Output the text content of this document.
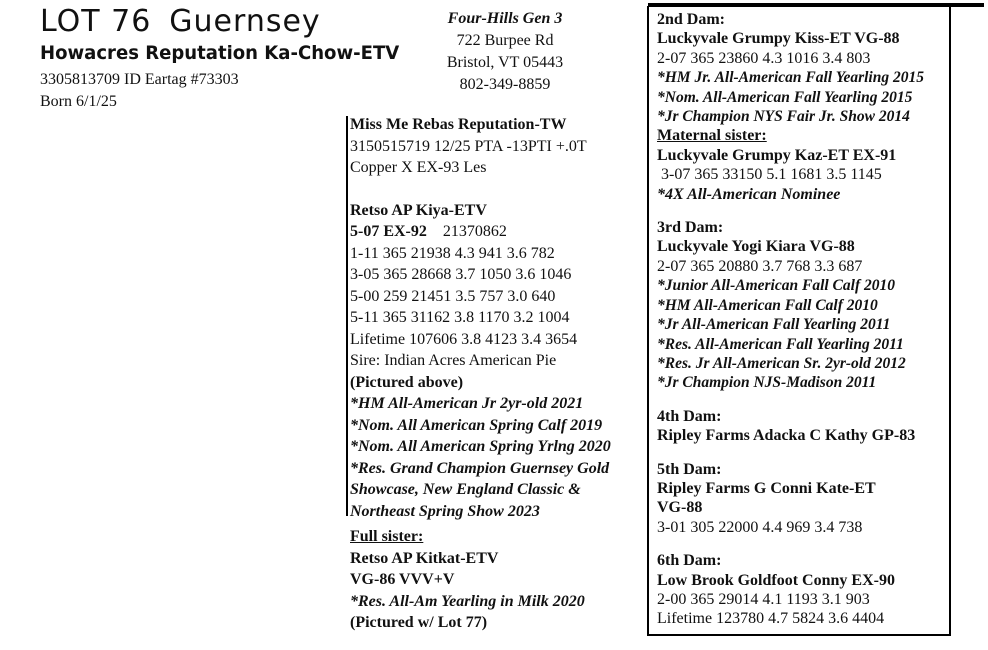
LOT 76 Guernsey
Howacres Reputation Ka-Chow-ETV
3305813709 ID Eartag #73303
Born 6/1/25
Four-Hills Gen 3
722 Burpee Rd
Bristol, VT 05443
802-349-8859
Miss Me Rebas Reputation-TW
3150515719 12/25 PTA -13PTI +.0T
Copper X EX-93 Les
Retso AP Kiya-ETV
5-07 EX-92 21370862
1-11 365 21938 4.3 941 3.6 782
3-05 365 28668 3.7 1050 3.6 1046
5-00 259 21451 3.5 757 3.0 640
5-11 365 31162 3.8 1170 3.2 1004
Lifetime 107606 3.8 4123 3.4 3654
Sire: Indian Acres American Pie
(Pictured above)
*HM All-American Jr 2yr-old 2021
*Nom. All American Spring Calf 2019
*Nom. All American Spring Yrlng 2020
*Res. Grand Champion Guernsey Gold
Showcase, New England Classic &
Northeast Spring Show 2023
Full sister:
Retso AP Kitkat-ETV
VG-86 VVV+V
*Res. All-Am Yearling in Milk 2020
(Pictured w/ Lot 77)
2nd Dam:
Luckyvale Grumpy Kiss-ET VG-88
2-07 365 23860 4.3 1016 3.4 803
*HM Jr. All-American Fall Yearling 2015
*Nom. All-American Fall Yearling 2015
*Jr Champion NYS Fair Jr. Show 2014
Maternal sister:
Luckyvale Grumpy Kaz-ET EX-91
3-07 365 33150 5.1 1681 3.5 1145
*4X All-American Nominee
3rd Dam:
Luckyvale Yogi Kiara VG-88
2-07 365 20880 3.7 768 3.3 687
*Junior All-American Fall Calf 2010
*HM All-American Fall Calf 2010
*Jr All-American Fall Yearling 2011
*Res. All-American Fall Yearling 2011
*Res. Jr All-American Sr. 2yr-old 2012
*Jr Champion NJS-Madison 2011
4th Dam:
Ripley Farms Adacka C Kathy GP-83
5th Dam:
Ripley Farms G Conni Kate-ET
VG-88
3-01 305 22000 4.4 969 3.4 738
6th Dam:
Low Brook Goldfoot Conny EX-90
2-00 365 29014 4.1 1193 3.1 903
Lifetime 123780 4.7 5824 3.6 4404
